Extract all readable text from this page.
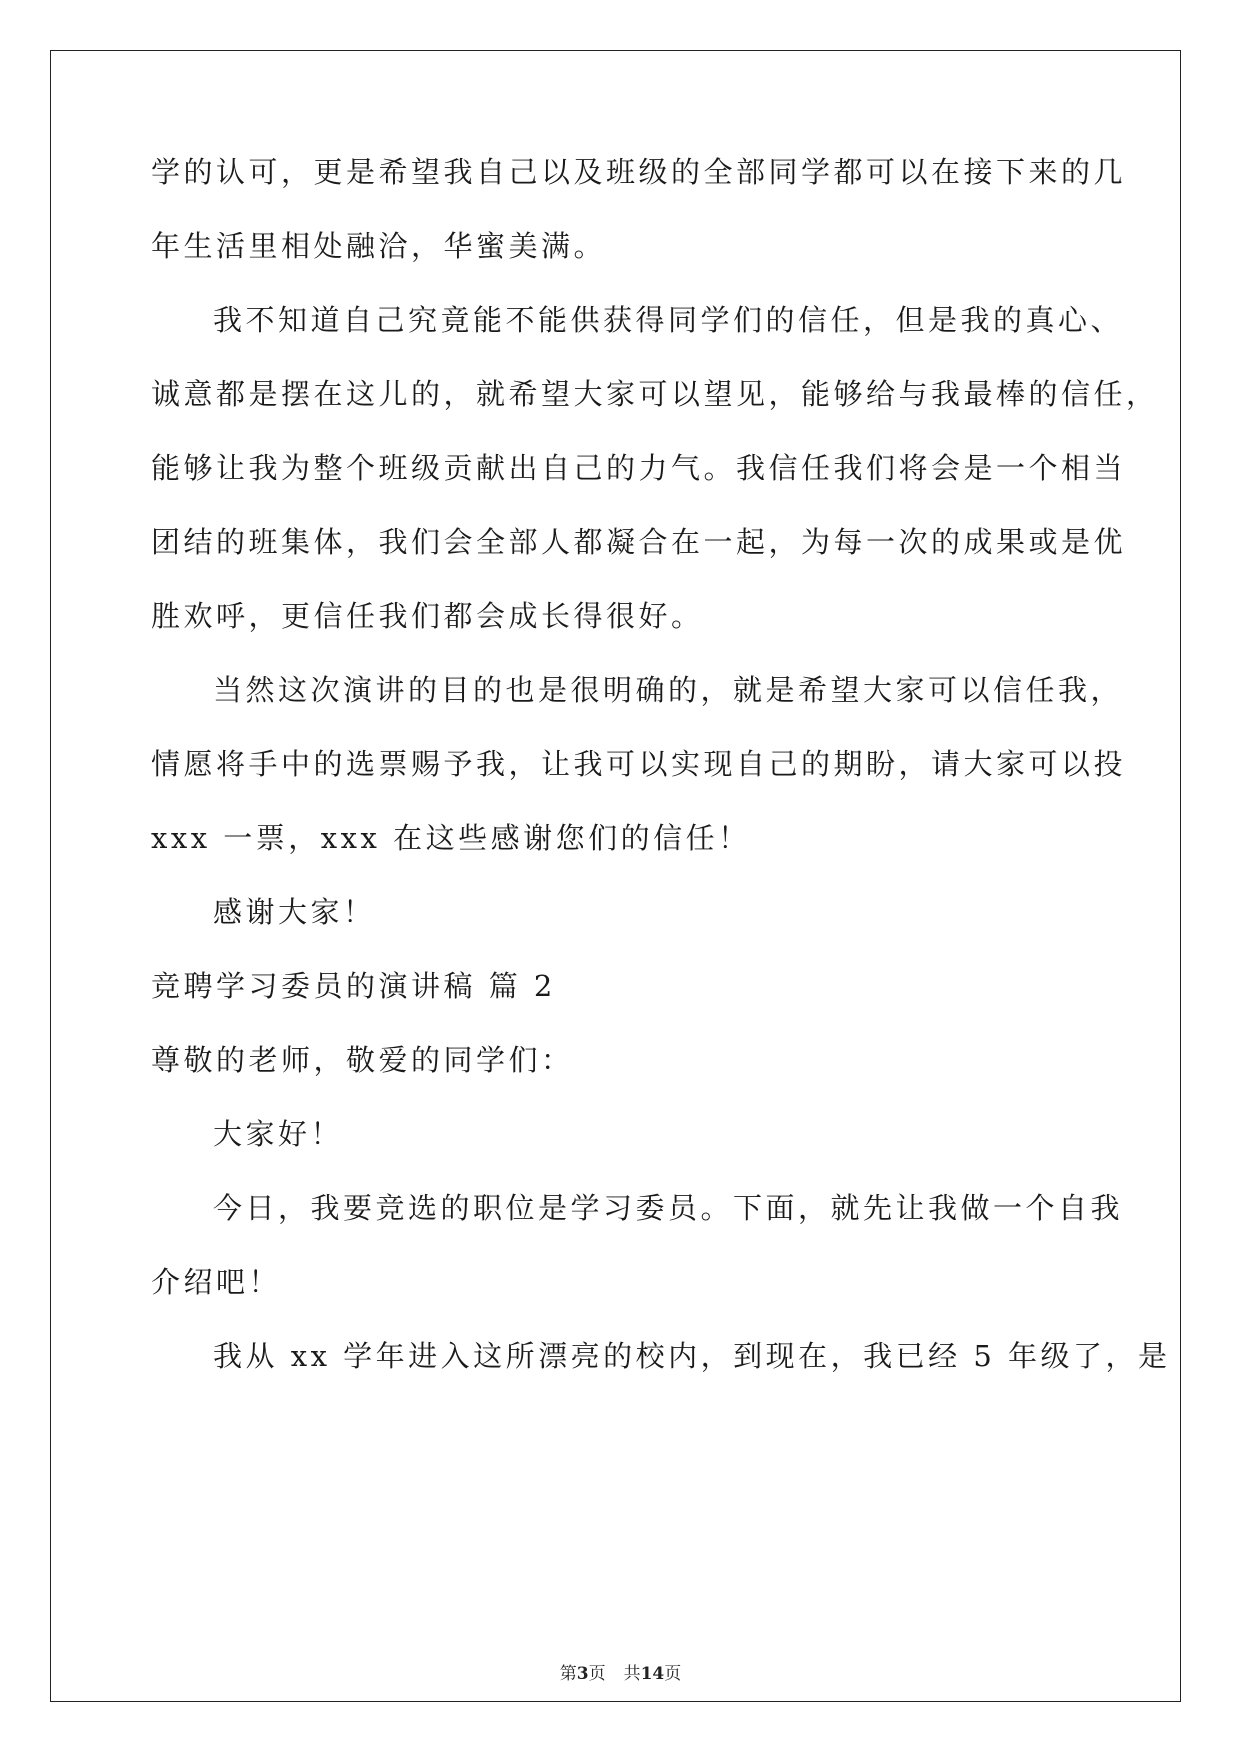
学的认可，更是希望我自己以及班级的全部同学都可以在接下来的几
年生活里相处融洽，华蜜美满。
我不知道自己究竟能不能供获得同学们的信任，但是我的真心、
诚意都是摆在这儿的，就希望大家可以望见，能够给与我最棒的信任，
能够让我为整个班级贡献出自己的力气。我信任我们将会是一个相当
团结的班集体，我们会全部人都凝合在一起，为每一次的成果或是优
胜欢呼，更信任我们都会成长得很好。
当然这次演讲的目的也是很明确的，就是希望大家可以信任我，
情愿将手中的选票赐予我，让我可以实现自己的期盼，请大家可以投
xxx 一票，xxx 在这些感谢您们的信任！
感谢大家！
竞聘学习委员的演讲稿 篇 2
尊敬的老师，敬爱的同学们：
大家好！
今日，我要竞选的职位是学习委员。下面，就先让我做一个自我
介绍吧！
我从 xx 学年进入这所漂亮的校内，到现在，我已经 5 年级了，是
第3页 共14页
